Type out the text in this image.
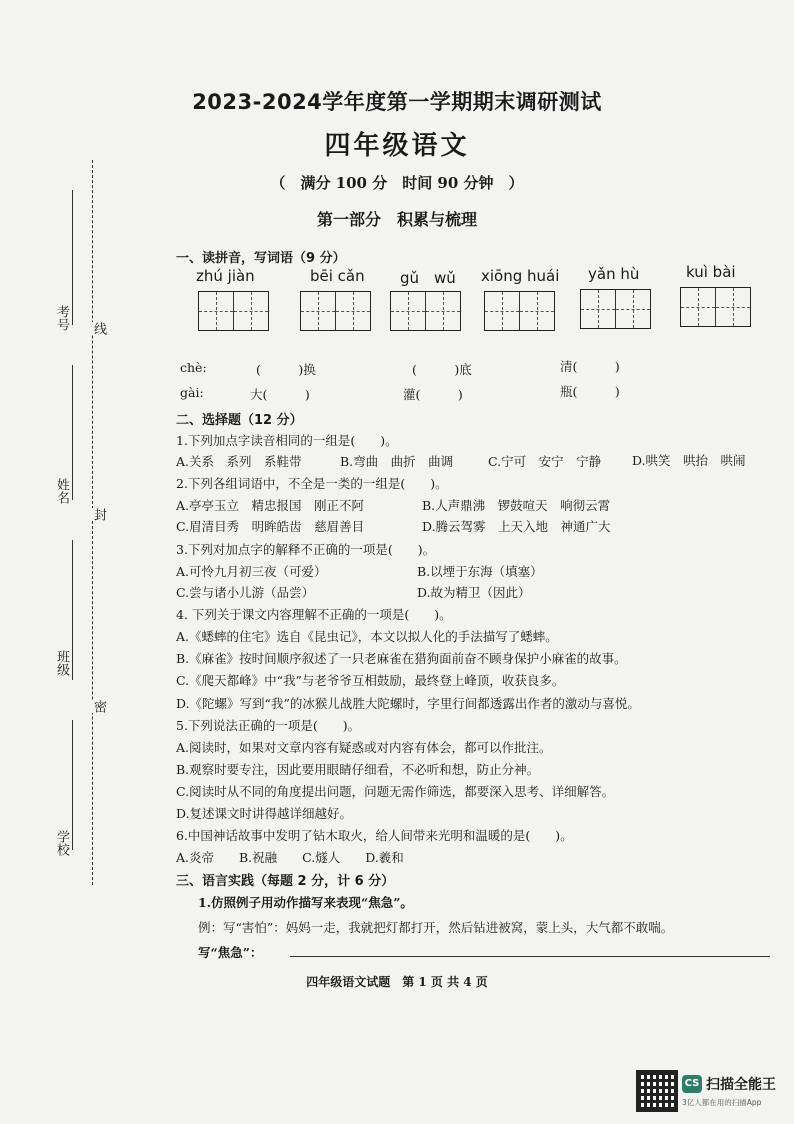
考号 线
姓名
封
班级
密
学校
2023-2024学年度第一学期期末调研测试
四年级语文
（　满分 100 分　时间 90 分钟　）
第一部分　积累与梳理
一、读拼音，写词语（9 分）
zhú jiàn	bēi cǎn gǔ　wǔ xiōng huái yǎn hù	kuì bài
chè:	(　　　)换	(　　　)底	清(　　　)
gài:	大(　　　)	灌(　　　)	瓶(　　　)
二、选择题（12 分）
1.下列加点字读音相同的一组是(　　)。
A.关系　系列　系鞋带	B.弯曲　曲折　曲调	C.宁可　安宁　宁静 D.哄笑　哄抬　哄闹
2.下列各组词语中，不全是一类的一组是(　　)。
A.亭亭玉立　精忠报国　刚正不阿	B.人声鼎沸　锣鼓喧天　响彻云霄
C.眉清目秀　明眸皓齿　慈眉善目	D.腾云驾雾　上天入地　神通广大
3.下列对加点字的解释不正确的一项是(　　)。
A.可怜九月初三夜（可爱）	B.以堙于东海（填塞）
C.尝与诸小儿游（品尝）	D.故为精卫（因此）
4. 下列关于课文内容理解不正确的一项是(　　)。
A.《蟋蟀的住宅》选自《昆虫记》，本文以拟人化的手法描写了蟋蟀。
B.《麻雀》按时间顺序叙述了一只老麻雀在猎狗面前奋不顾身保护小麻雀的故事。
C.《爬天都峰》中“我”与老爷爷互相鼓励，最终登上峰顶，收获良多。
D.《陀螺》写到“我”的冰猴儿战胜大陀螺时，字里行间都透露出作者的激动与喜悦。
5.下列说法正确的一项是(　　)。
A.阅读时，如果对文章内容有疑惑或对内容有体会，都可以作批注。
B.观察时要专注，因此要用眼睛仔细看，不必听和想，防止分神。
C.阅读时从不同的角度提出问题，问题无需作筛选，都要深入思考、详细解答。
D.复述课文时讲得越详细越好。
6.中国神话故事中发明了钻木取火，给人间带来光明和温暖的是(　　)。
A.炎帝　　B.祝融　　C.燧人　　D.羲和
三、语言实践（每题 2 分，计 6 分）
1.仿照例子用动作描写来表现“焦急”。
例：写“害怕”：妈妈一走，我就把灯都打开，然后钻进被窝，蒙上头，大气都不敢喘。
写“焦急”：
四年级语文试题　第 1 页 共 4 页
CS 扫描全能王
3亿人都在用的扫描App
